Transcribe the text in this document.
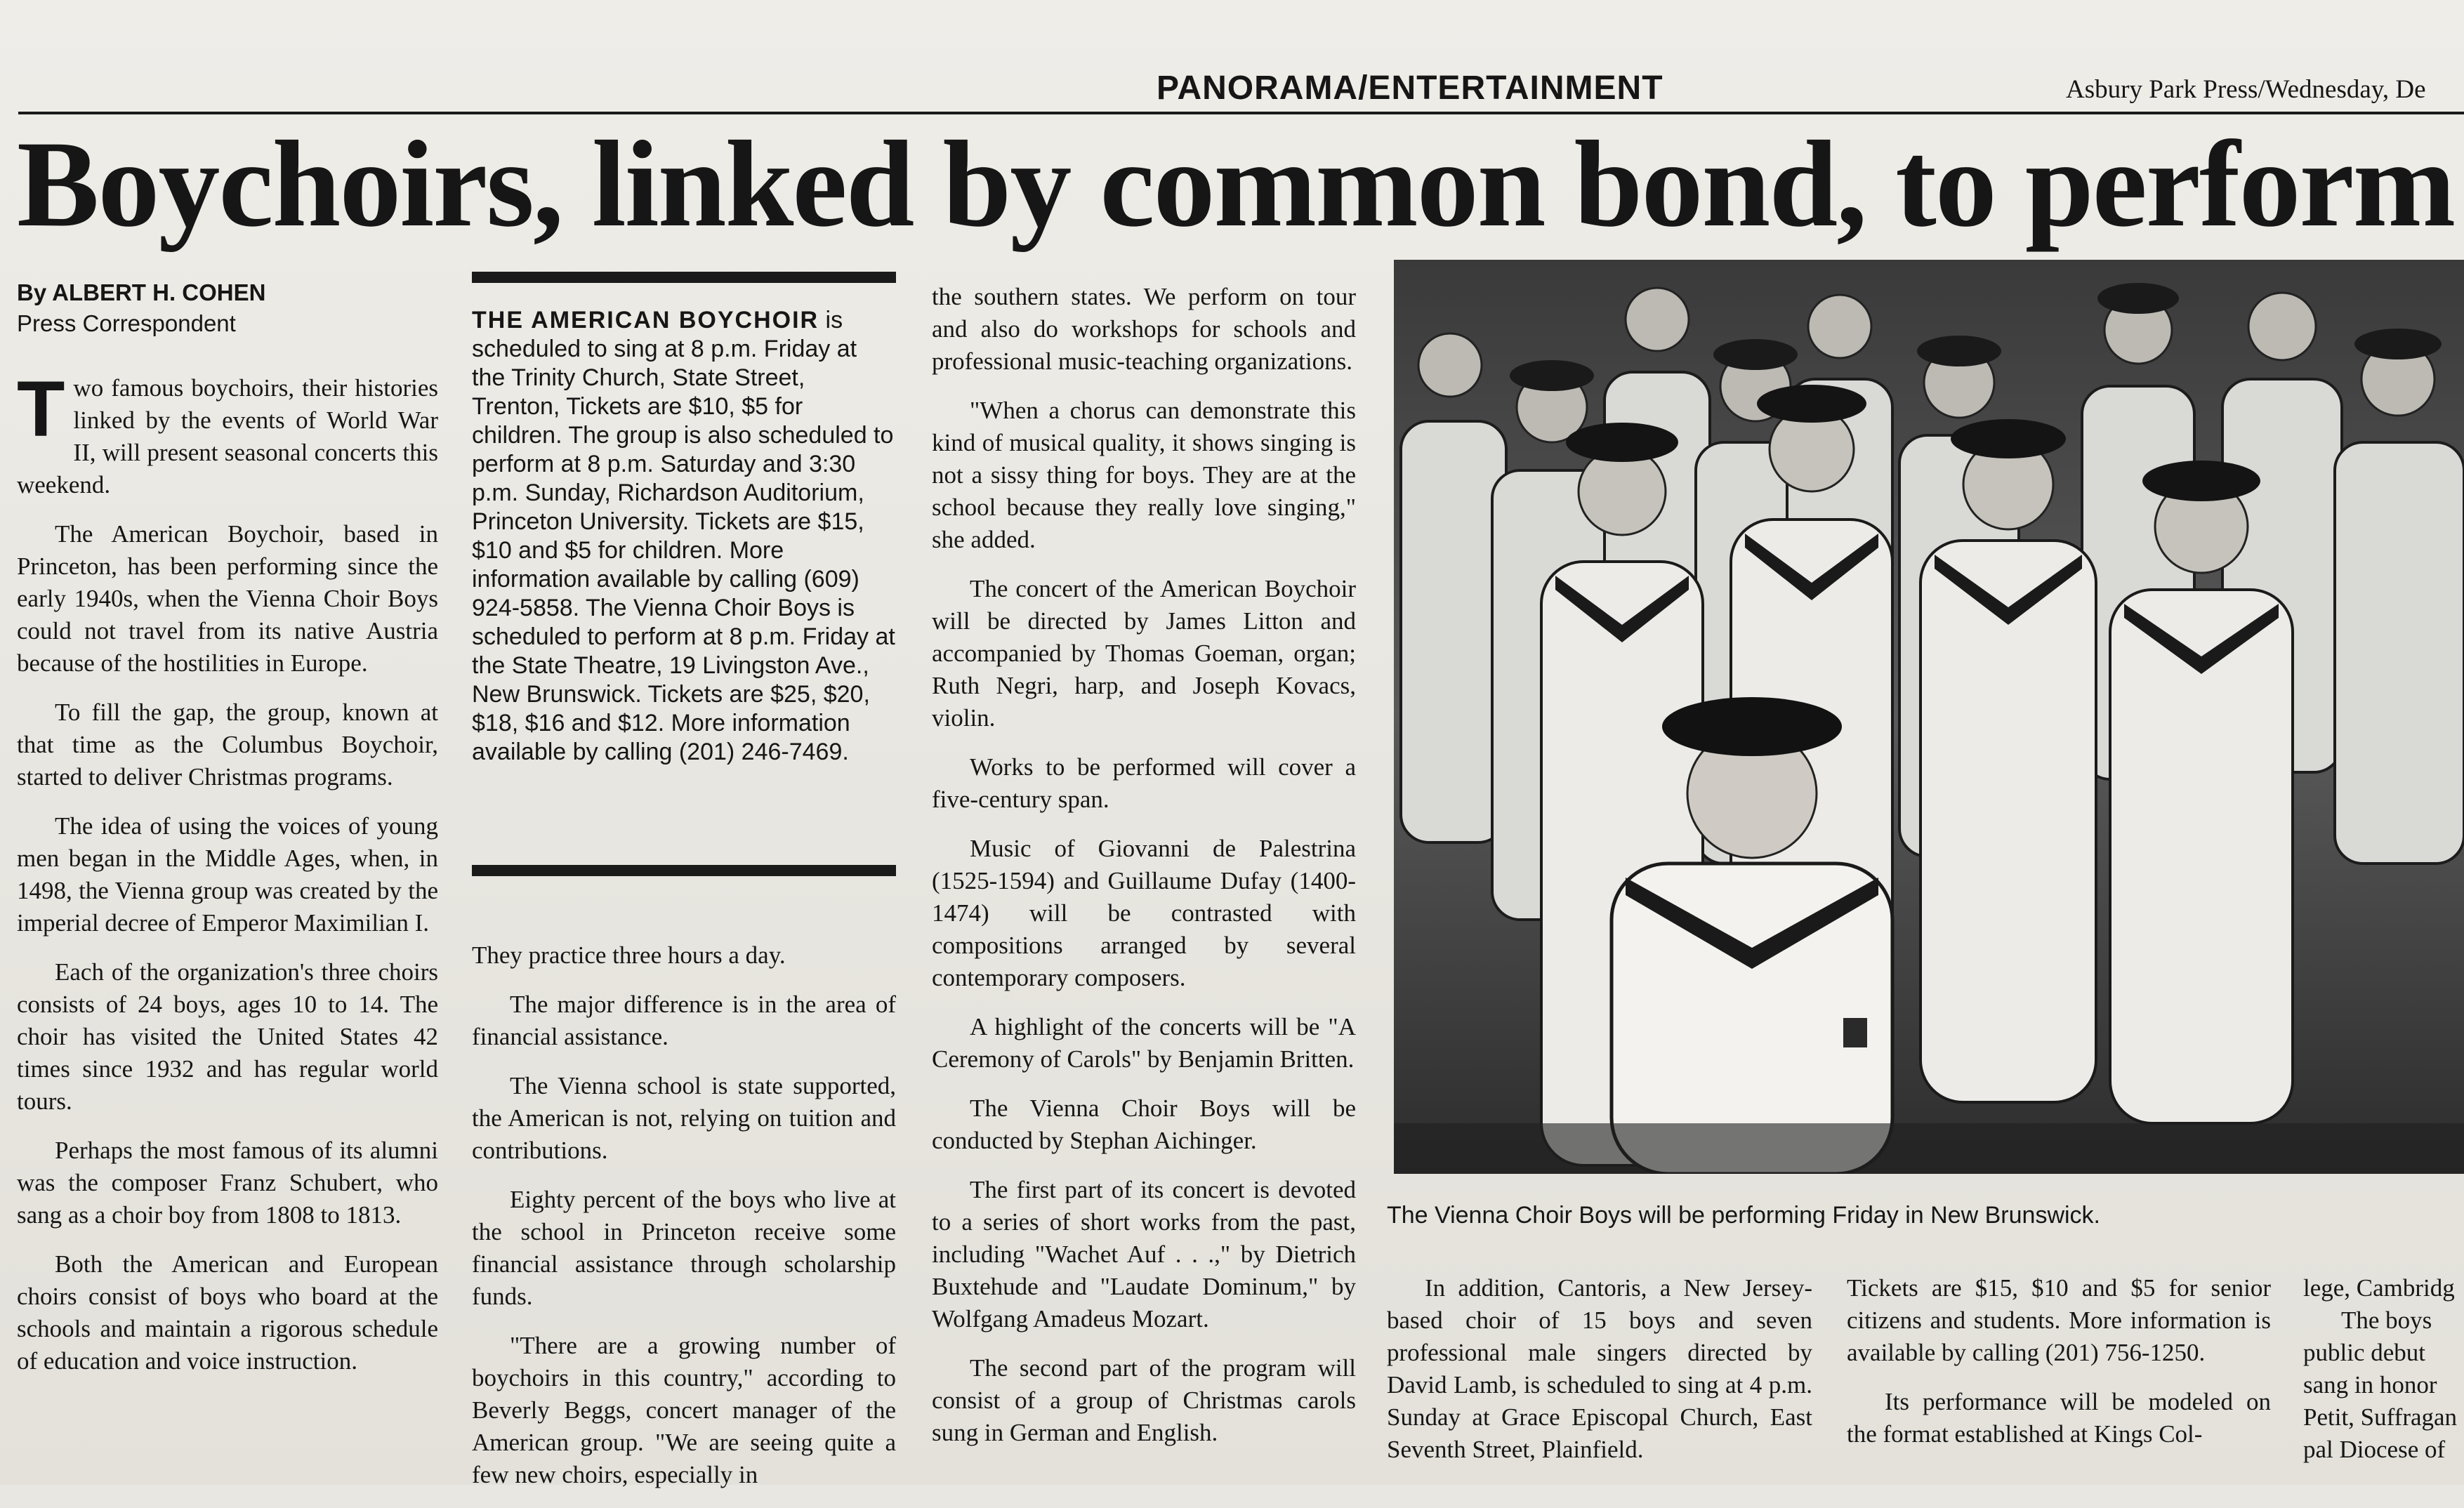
PANORAMA/ENTERTAINMENT	Asbury Park Press/Wednesday, De
Boychoirs, linked by common bond, to perform
By ALBERT H. COHEN
Press Correspondent

Two famous boychoirs, their histories linked by the events of World War II, will present seasonal concerts this weekend.

The American Boychoir, based in Princeton, has been performing since the early 1940s, when the Vienna Choir Boys could not travel from its native Austria because of the hostilities in Europe.

To fill the gap, the group, known at that time as the Columbus Boychoir, started to deliver Christmas programs.

The idea of using the voices of young men began in the Middle Ages, when, in 1498, the Vienna group was created by the imperial decree of Emperor Maximilian I.

Each of the organization's three choirs consists of 24 boys, ages 10 to 14. The choir has visited the United States 42 times since 1932 and has regular world tours.

Perhaps the most famous of its alumni was the composer Franz Schubert, who sang as a choir boy from 1808 to 1813.

Both the American and European choirs consist of boys who board at the schools and maintain a rigorous schedule of education and voice instruction.

THE AMERICAN BOYCHOIR is scheduled to sing at 8 p.m. Friday at the Trinity Church, State Street, Trenton, Tickets are $10, $5 for children. The group is also scheduled to perform at 8 p.m. Saturday and 3:30 p.m. Sunday, Richardson Auditorium, Princeton University. Tickets are $15, $10 and $5 for children. More information available by calling (609) 924-5858. The Vienna Choir Boys is scheduled to perform at 8 p.m. Friday at the State Theatre, 19 Livingston Ave., New Brunswick. Tickets are $25, $20, $18, $16 and $12. More information available by calling (201) 246-7469.

They practice three hours a day.

The major difference is in the area of financial assistance.

The Vienna school is state supported, the American is not, relying on tuition and contributions.

Eighty percent of the boys who live at the school in Princeton receive some financial assistance through scholarship funds.

"There are a growing number of boychoirs in this country," according to Beverly Beggs, concert manager of the American group. "We are seeing quite a few new choirs, especially in

the southern states. We perform on tour and also do workshops for schools and professional music-teaching organizations.

"When a chorus can demonstrate this kind of musical quality, it shows singing is not a sissy thing for boys. They are at the school because they really love singing," she added.

The concert of the American Boychoir will be directed by James Litton and accompanied by Thomas Goeman, organ; Ruth Negri, harp, and Joseph Kovacs, violin.

Works to be performed will cover a five-century span.

Music of Giovanni de Palestrina (1525-1594) and Guillaume Dufay (1400-1474) will be contrasted with compositions arranged by several contemporary composers.

A highlight of the concerts will be "A Ceremony of Carols" by Benjamin Britten.

The Vienna Choir Boys will be conducted by Stephan Aichinger.

The first part of its concert is devoted to a series of short works from the past, including "Wachet Auf . . .," by Dietrich Buxtehude and "Laudate Dominum," by Wolfgang Amadeus Mozart.

The second part of the program will consist of a group of Christmas carols sung in German and English.

The Vienna Choir Boys will be performing Friday in New Brunswick.

In addition, Cantoris, a New Jersey-based choir of 15 boys and seven professional male singers directed by David Lamb, is scheduled to sing at 4 p.m. Sunday at Grace Episcopal Church, East Seventh Street, Plainfield.

Tickets are $15, $10 and $5 for senior citizens and students. More information is available by calling (201) 756-1250.

Its performance will be modeled on the format established at Kings Col-

lege, Cambridg
The boys
public debut
sang in honor
Petit, Suffragan
pal Diocese of
